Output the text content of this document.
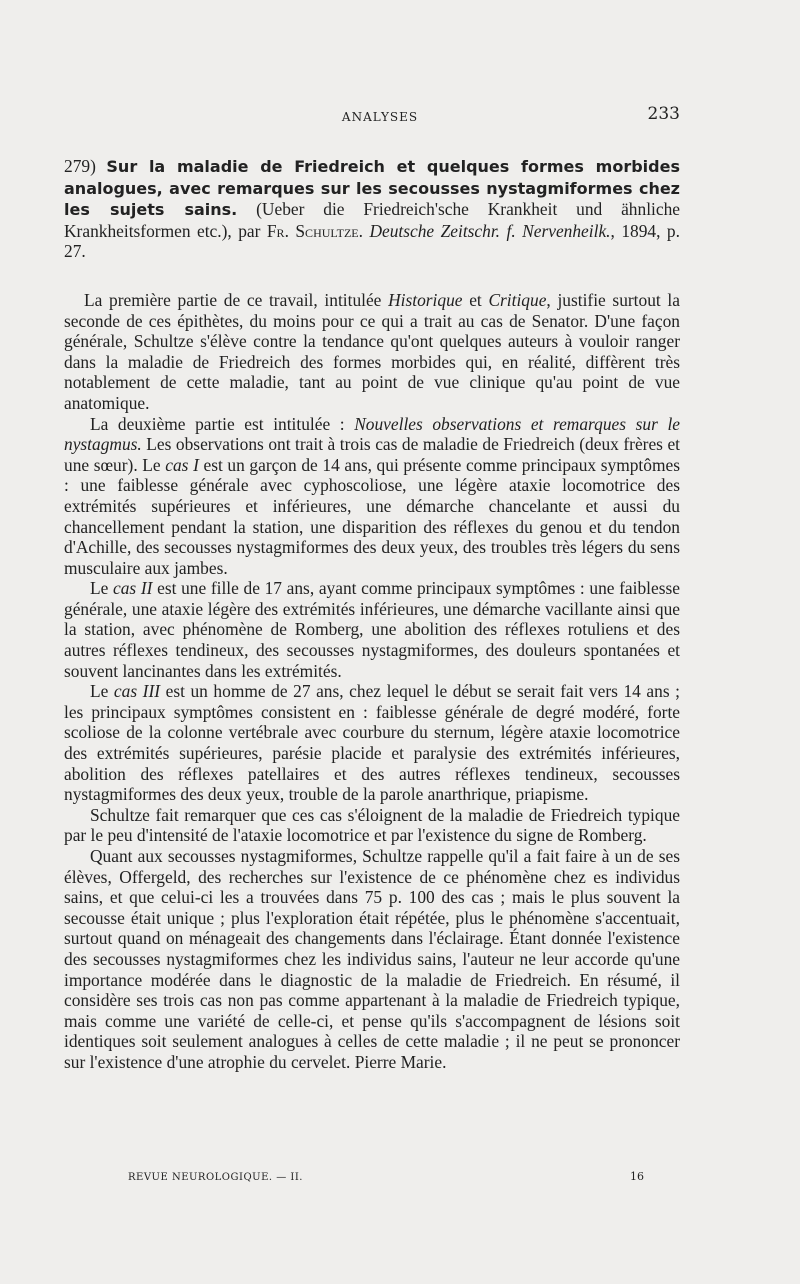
ANALYSES	233

279) Sur la maladie de Friedreich et quelques formes morbides analogues, avec remarques sur les secousses nystagmiformes chez les sujets sains. (Ueber die Friedreich'sche Krankheit und ähnliche Krankheitsformen etc.), par Fr. Schultze. Deutsche Zeitschr. f. Nervenheilk., 1894, p. 27.

La première partie de ce travail, intitulée Historique et Critique, justifie surtout la seconde de ces épithètes, du moins pour ce qui a trait au cas de Senator. D'une façon générale, Schultze s'élève contre la tendance qu'ont quelques auteurs à vouloir ranger dans la maladie de Friedreich des formes morbides qui, en réalité, diffèrent très notablement de cette maladie, tant au point de vue clinique qu'au point de vue anatomique.

La deuxième partie est intitulée : Nouvelles observations et remarques sur le nystagmus. Les observations ont trait à trois cas de maladie de Friedreich (deux frères et une sœur). Le cas I est un garçon de 14 ans, qui présente comme principaux symptômes : une faiblesse générale avec cyphoscoliose, une légère ataxie locomotrice des extrémités supérieures et inférieures, une démarche chancelante et aussi du chancellement pendant la station, une disparition des réflexes du genou et du tendon d'Achille, des secousses nystagmiformes des deux yeux, des troubles très légers du sens musculaire aux jambes.

Le cas II est une fille de 17 ans, ayant comme principaux symptômes : une faiblesse générale, une ataxie légère des extrémités inférieures, une démarche vacillante ainsi que la station, avec phénomène de Romberg, une abolition des réflexes rotuliens et des autres réflexes tendineux, des secousses nystagmiformes, des douleurs spontanées et souvent lancinantes dans les extrémités.

Le cas III est un homme de 27 ans, chez lequel le début se serait fait vers 14 ans ; les principaux symptômes consistent en : faiblesse générale de degré modéré, forte scoliose de la colonne vertébrale avec courbure du sternum, légère ataxie locomotrice des extrémités supérieures, parésie placide et paralysie des extrémités inférieures, abolition des réflexes patellaires et des autres réflexes tendineux, secousses nystagmiformes des deux yeux, trouble de la parole anarthrique, priapisme.

Schultze fait remarquer que ces cas s'éloignent de la maladie de Friedreich typique par le peu d'intensité de l'ataxie locomotrice et par l'existence du signe de Romberg.

Quant aux secousses nystagmiformes, Schultze rappelle qu'il a fait faire à un de ses élèves, Offergeld, des recherches sur l'existence de ce phénomène chez es individus sains, et que celui-ci les a trouvées dans 75 p. 100 des cas ; mais le plus souvent la secousse était unique ; plus l'exploration était répétée, plus le phénomène s'accentuait, surtout quand on ménageait des changements dans l'éclairage. Étant donnée l'existence des secousses nystagmiformes chez les individus sains, l'auteur ne leur accorde qu'une importance modérée dans le diagnostic de la maladie de Friedreich. En résumé, il considère ses trois cas non pas comme appartenant à la maladie de Friedreich typique, mais comme une variété de celle-ci, et pense qu'ils s'accompagnent de lésions soit identiques soit seulement analogues à celles de cette maladie ; il ne peut se prononcer sur l'existence d'une atrophie du cervelet. Pierre Marie.

REVUE NEUROLOGIQUE. — II.	16
